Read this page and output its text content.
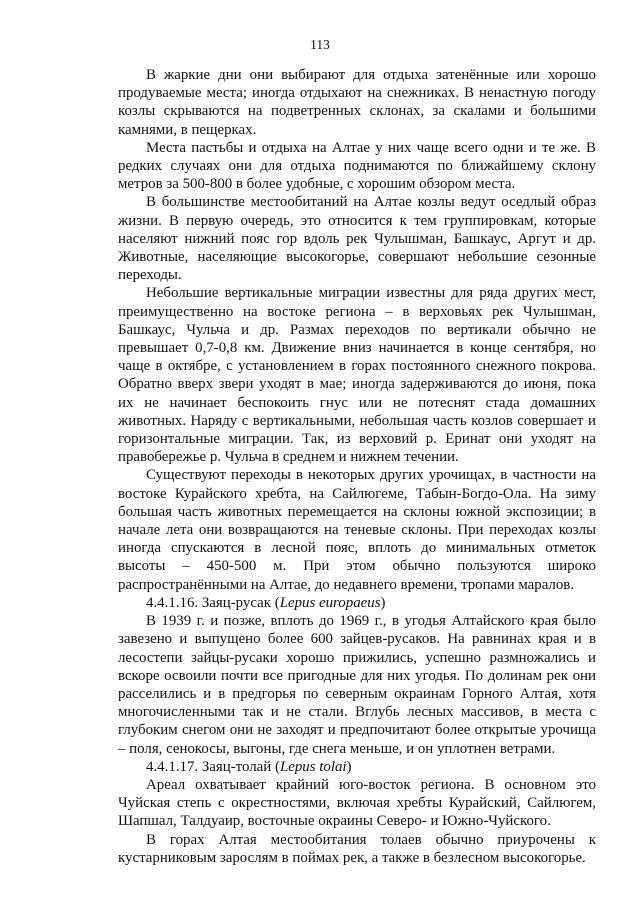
113

В жаркие дни они выбирают для отдыха затенённые или хорошо продуваемые места; иногда отдыхают на снежниках. В ненастную погоду козлы скрываются на подветренных склонах, за скалами и большими камнями, в пещерках.

Места пастьбы и отдыха на Алтае у них чаще всего одни и те же. В редких случаях они для отдыха поднимаются по ближайшему склону метров за 500-800 в более удобные, с хорошим обзором места.

В большинстве местообитаний на Алтае козлы ведут оседлый образ жизни. В первую очередь, это относится к тем группировкам, которые населяют нижний пояс гор вдоль рек Чулышман, Башкаус, Аргут и др. Животные, населяющие высокогорье, совершают небольшие сезонные переходы.

Небольшие вертикальные миграции известны для ряда других мест, преимущественно на востоке региона – в верховьях рек Чулышман, Башкаус, Чульча и др. Размах переходов по вертикали обычно не превышает 0,7-0,8 км. Движение вниз начинается в конце сентября, но чаще в октябре, с установлением в горах постоянного снежного покрова. Обратно вверх звери уходят в мае; иногда задерживаются до июня, пока их не начинает беспокоить гнус или не потеснят стада домашних животных. Наряду с вертикальными, небольшая часть козлов совершает и горизонтальные миграции. Так, из верховий р. Еринат они уходят на правобережье р. Чульча в среднем и нижнем течении.

Существуют переходы в некоторых других урочищах, в частности на востоке Курайского хребта, на Сайлюгеме, Табын-Богдо-Ола. На зиму большая часть животных перемещается на склоны южной экспозиции; в начале лета они возвращаются на теневые склоны. При переходах козлы иногда спускаются в лесной пояс, вплоть до минимальных отметок высоты – 450-500 м. При этом обычно пользуются широко распространёнными на Алтае, до недавнего времени, тропами маралов.

4.4.1.16. Заяц-русак (Lepus europaeus)

В 1939 г. и позже, вплоть до 1969 г., в угодья Алтайского края было завезено и выпущено более 600 зайцев-русаков. На равнинах края и в лесостепи зайцы-русаки хорошо прижились, успешно размножались и вскоре освоили почти все пригодные для них угодья. По долинам рек они расселились и в предгорья по северным окраинам Горного Алтая, хотя многочисленными так и не стали. Вглубь лесных массивов, в места с глубоким снегом они не заходят и предпочитают более открытые урочища – поля, сенокосы, выгоны, где снега меньше, и он уплотнен ветрами.

4.4.1.17. Заяц-толай (Lepus tolai)

Ареал охватывает крайний юго-восток региона. В основном это Чуйская степь с окрестностями, включая хребты Курайский, Сайлюгем, Шапшал, Талдуаир, восточные окраины Северо- и Южно-Чуйского.

В горах Алтая местообитания толаев обычно приурочены к кустарниковым зарослям в поймах рек, а также в безлесном высокогорье.
